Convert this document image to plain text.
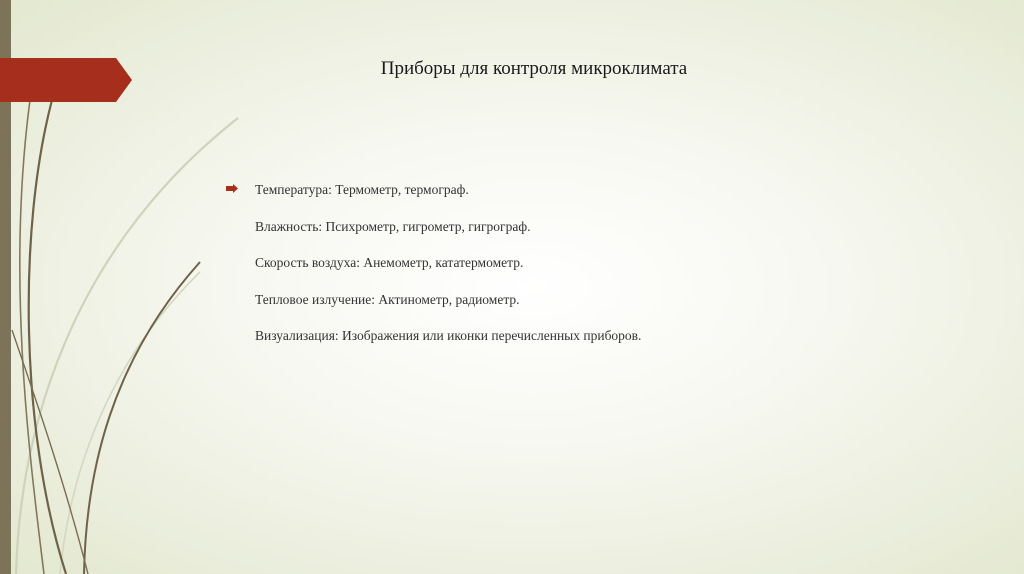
Приборы для контроля микроклимата
Температура: Термометр, термограф.
Влажность: Психрометр, гигрометр, гигрограф.
Скорость воздуха: Анемометр, кататермометр.
Тепловое излучение: Актинометр, радиометр.
Визуализация: Изображения или иконки перечисленных приборов.
